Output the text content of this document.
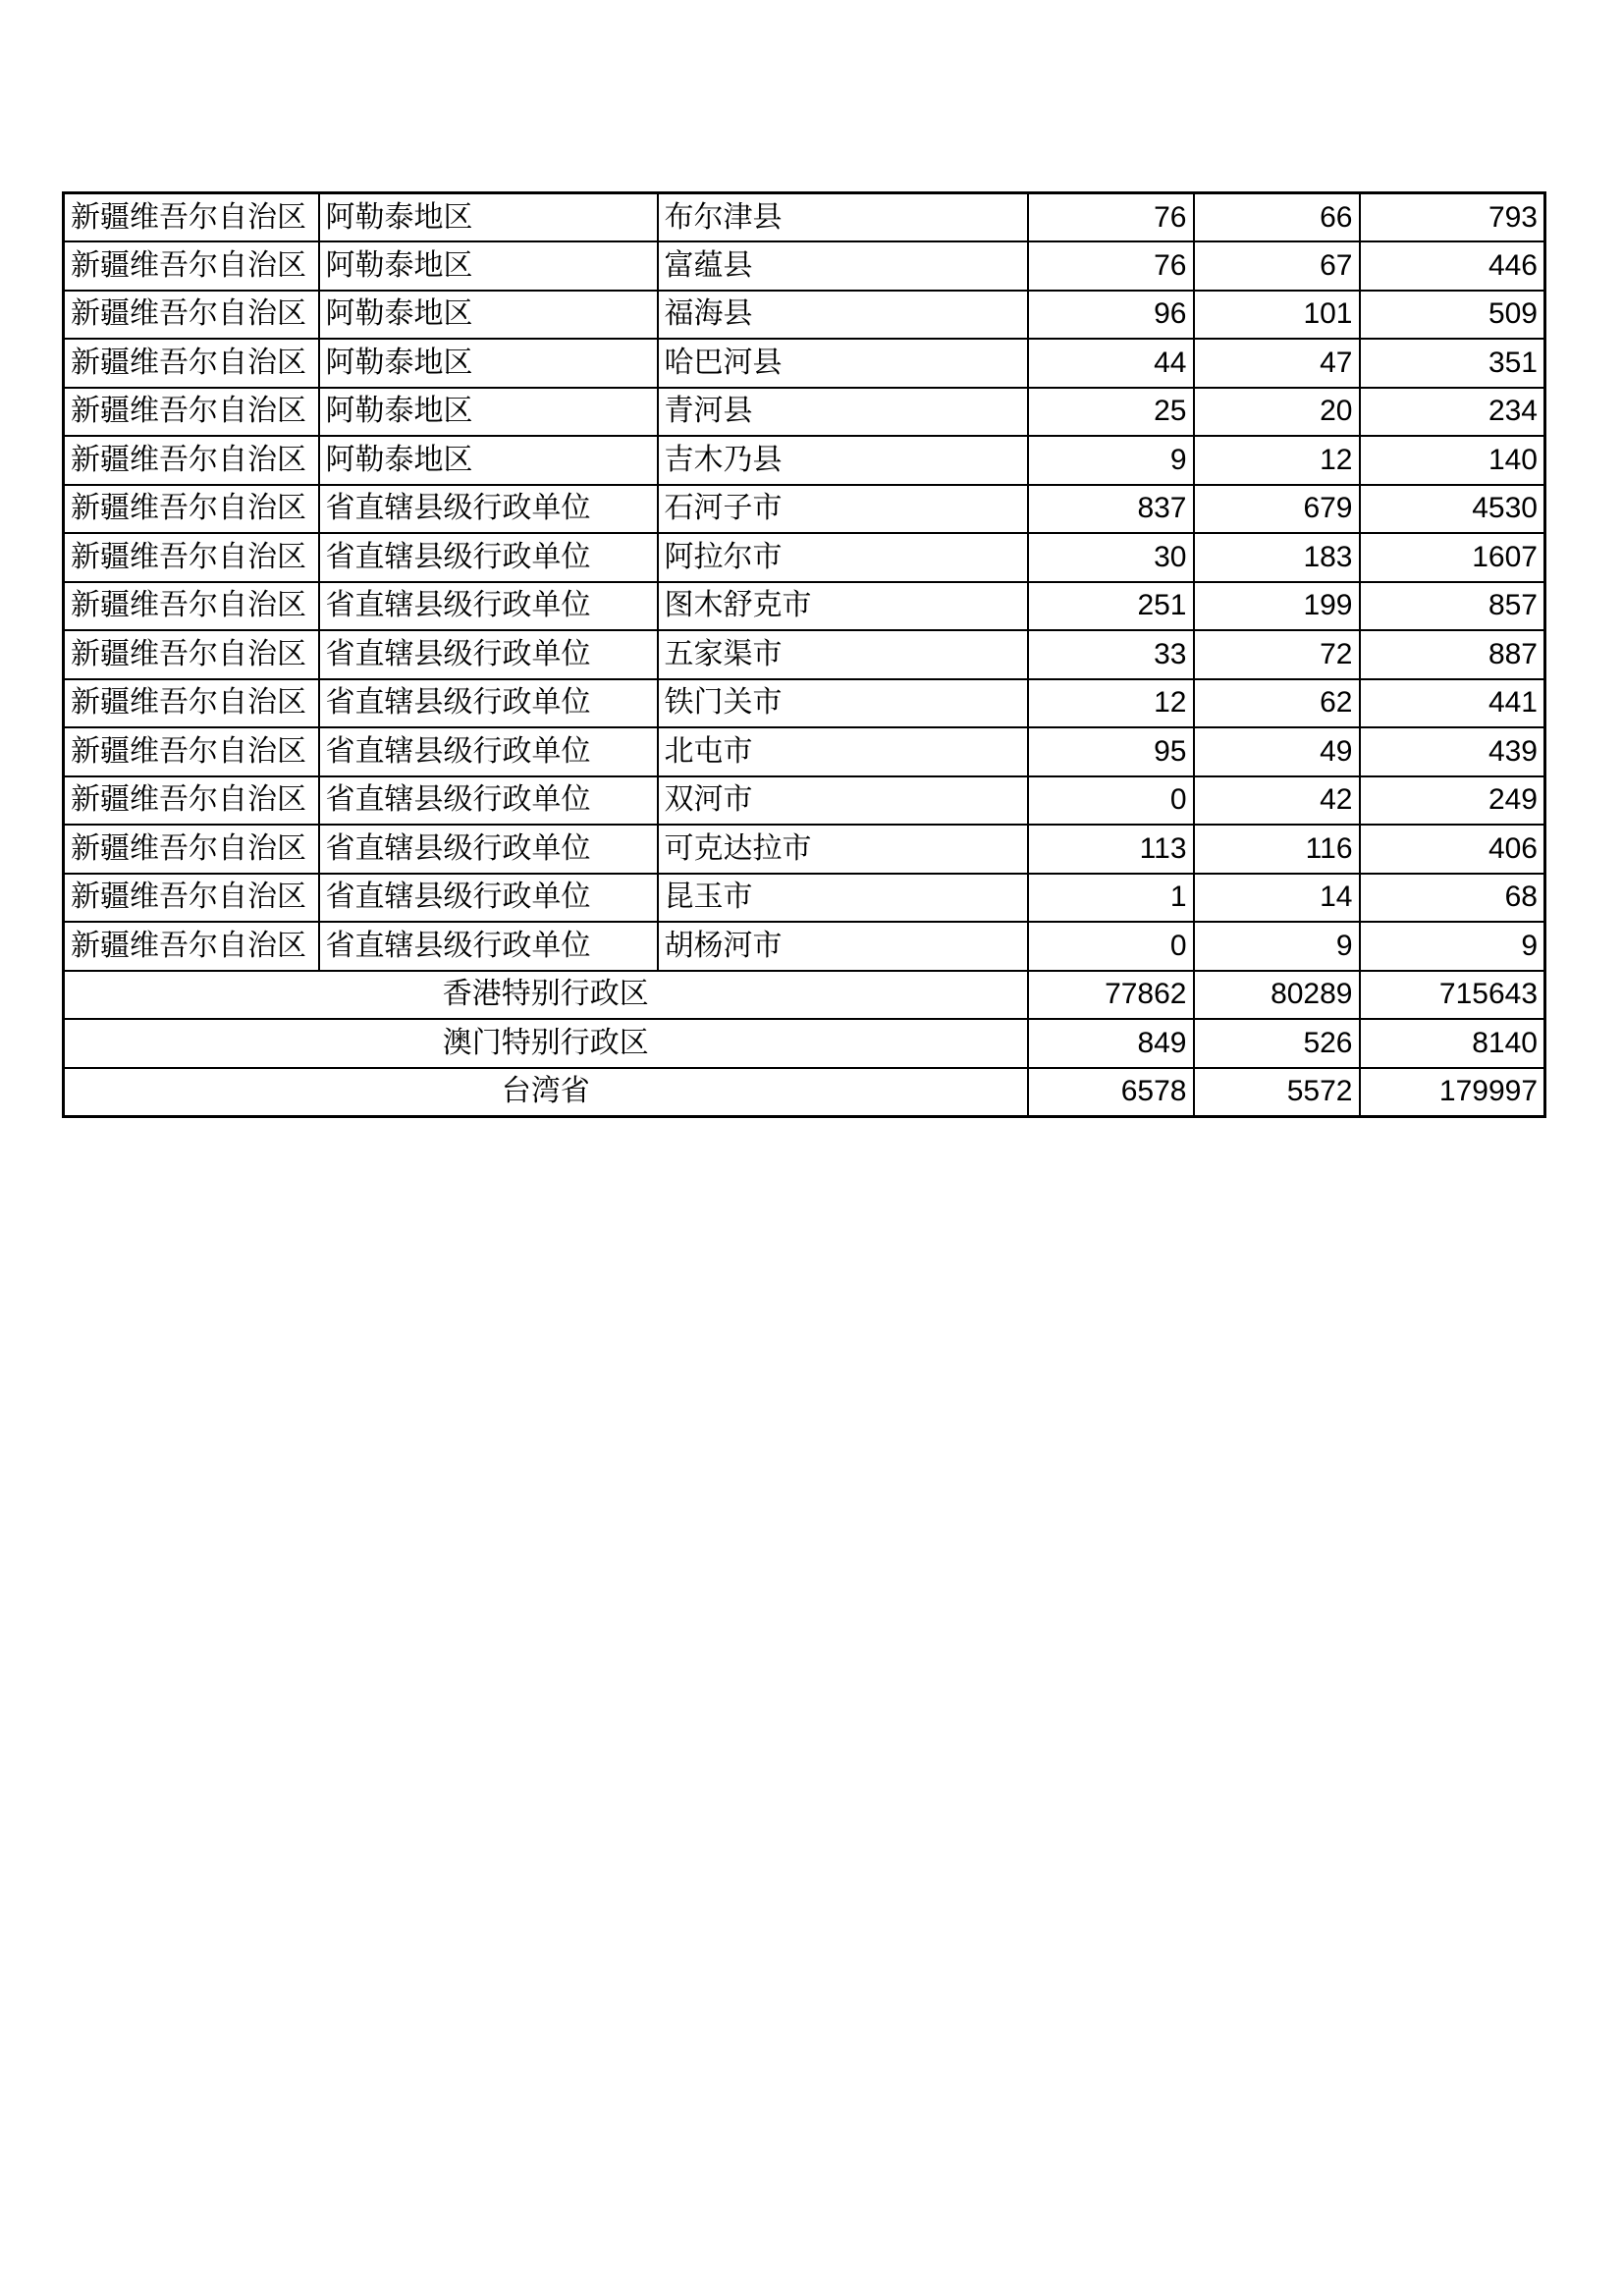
新疆维吾尔自治区	阿勒泰地区	布尔津县	76	66	793
新疆维吾尔自治区	阿勒泰地区	富蕴县	76	67	446
新疆维吾尔自治区	阿勒泰地区	福海县	96	101	509
新疆维吾尔自治区	阿勒泰地区	哈巴河县	44	47	351
新疆维吾尔自治区	阿勒泰地区	青河县	25	20	234
新疆维吾尔自治区	阿勒泰地区	吉木乃县	9	12	140
新疆维吾尔自治区	省直辖县级行政单位	石河子市	837	679	4530
新疆维吾尔自治区	省直辖县级行政单位	阿拉尔市	30	183	1607
新疆维吾尔自治区	省直辖县级行政单位	图木舒克市	251	199	857
新疆维吾尔自治区	省直辖县级行政单位	五家渠市	33	72	887
新疆维吾尔自治区	省直辖县级行政单位	铁门关市	12	62	441
新疆维吾尔自治区	省直辖县级行政单位	北屯市	95	49	439
新疆维吾尔自治区	省直辖县级行政单位	双河市	0	42	249
新疆维吾尔自治区	省直辖县级行政单位	可克达拉市	113	116	406
新疆维吾尔自治区	省直辖县级行政单位	昆玉市	1	14	68
新疆维吾尔自治区	省直辖县级行政单位	胡杨河市	0	9	9
香港特别行政区			77862	80289	715643
澳门特别行政区			849	526	8140
台湾省			6578	5572	179997
